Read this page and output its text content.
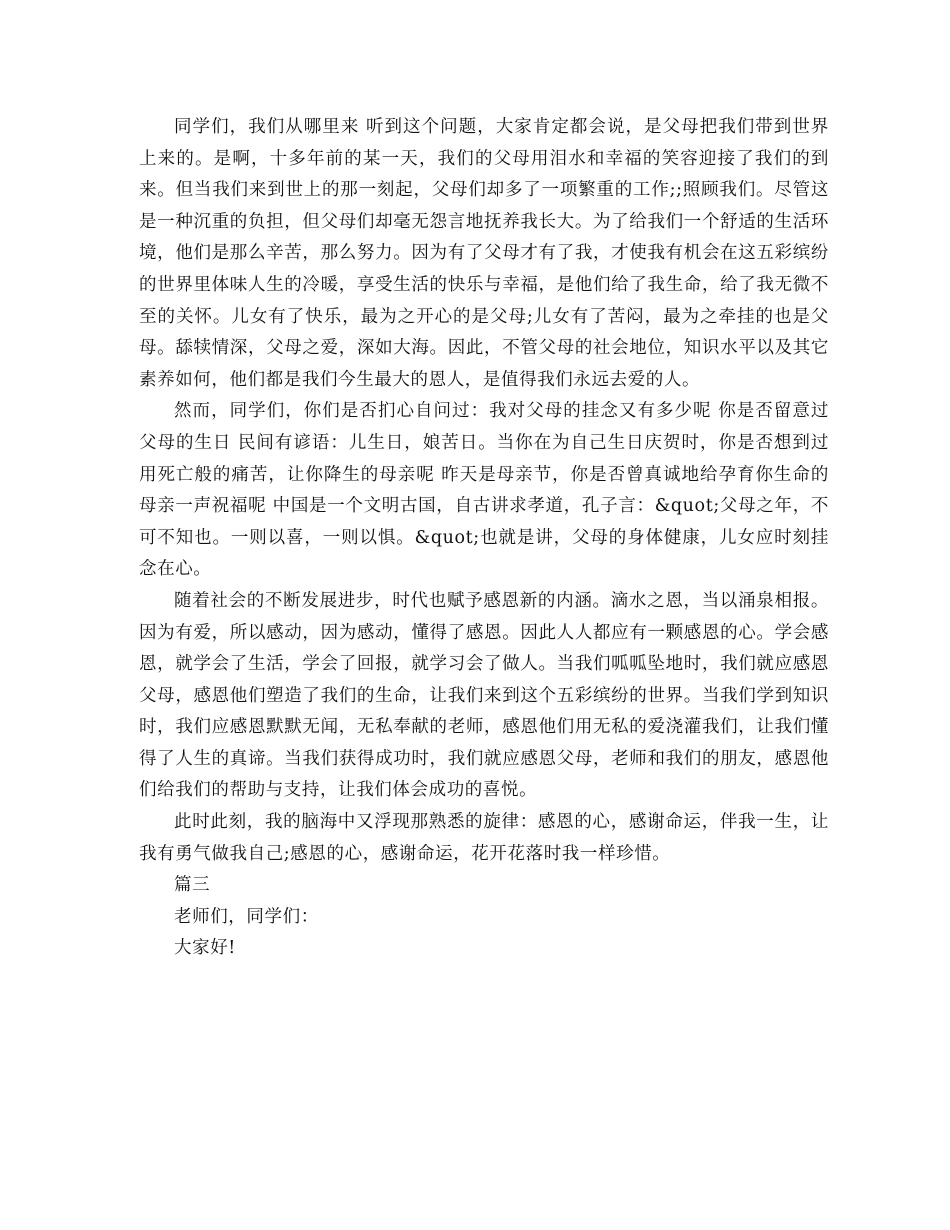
同学们，我们从哪里来 听到这个问题，大家肯定都会说，是父母把我们带到世界上来的。是啊，十多年前的某一天，我们的父母用泪水和幸福的笑容迎接了我们的到来。但当我们来到世上的那一刻起，父母们却多了一项繁重的工作;;照顾我们。尽管这是一种沉重的负担，但父母们却毫无怨言地抚养我长大。为了给我们一个舒适的生活环境，他们是那么辛苦，那么努力。因为有了父母才有了我，才使我有机会在这五彩缤纷的世界里体味人生的冷暖，享受生活的快乐与幸福，是他们给了我生命，给了我无微不至的关怀。儿女有了快乐，最为之开心的是父母;儿女有了苦闷，最为之牵挂的也是父母。舔犊情深，父母之爱，深如大海。因此，不管父母的社会地位，知识水平以及其它素养如何，他们都是我们今生最大的恩人，是值得我们永远去爱的人。

然而，同学们，你们是否扪心自问过：我对父母的挂念又有多少呢 你是否留意过父母的生日 民间有谚语：儿生日，娘苦日。当你在为自己生日庆贺时，你是否想到过用死亡般的痛苦，让你降生的母亲呢 昨天是母亲节，你是否曾真诚地给孕育你生命的母亲一声祝福呢 中国是一个文明古国，自古讲求孝道，孔子言：&quot;父母之年，不可不知也。一则以喜，一则以惧。&quot;也就是讲，父母的身体健康，儿女应时刻挂念在心。

随着社会的不断发展进步，时代也赋予感恩新的内涵。滴水之恩，当以涌泉相报。因为有爱，所以感动，因为感动，懂得了感恩。因此人人都应有一颗感恩的心。学会感恩，就学会了生活，学会了回报，就学习会了做人。当我们呱呱坠地时，我们就应感恩父母，感恩他们塑造了我们的生命，让我们来到这个五彩缤纷的世界。当我们学到知识时，我们应感恩默默无闻，无私奉献的老师，感恩他们用无私的爱浇灌我们，让我们懂得了人生的真谛。当我们获得成功时，我们就应感恩父母，老师和我们的朋友，感恩他们给我们的帮助与支持，让我们体会成功的喜悦。

此时此刻，我的脑海中又浮现那熟悉的旋律：感恩的心，感谢命运，伴我一生，让我有勇气做我自己;感恩的心，感谢命运，花开花落时我一样珍惜。

篇三

老师们，同学们：

大家好!
